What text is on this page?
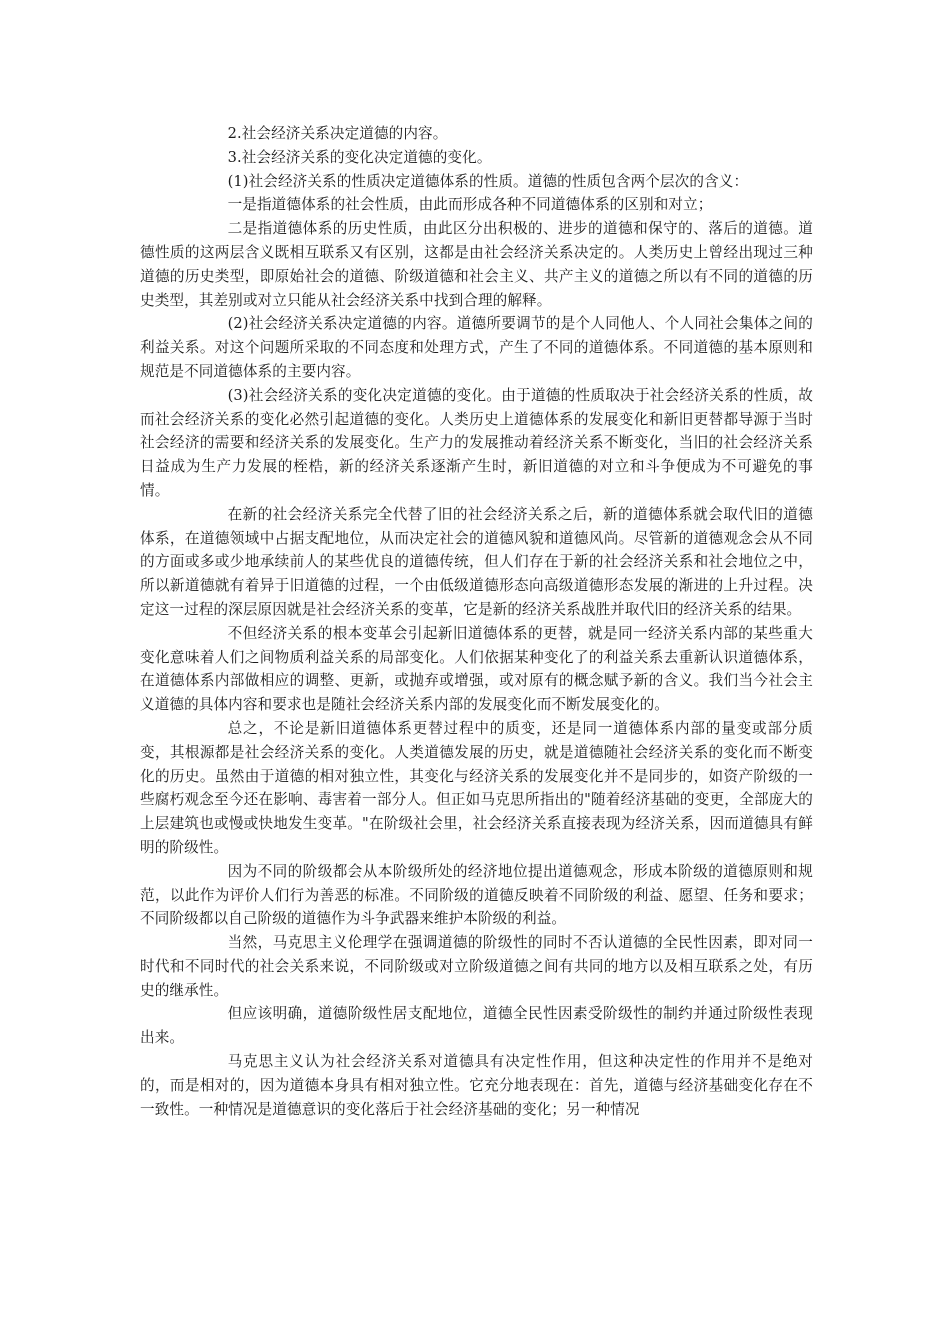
2.社会经济关系决定道德的内容。

3.社会经济关系的变化决定道德的变化。

(1)社会经济关系的性质决定道德体系的性质。道德的性质包含两个层次的含义：

一是指道德体系的社会性质，由此而形成各种不同道德体系的区别和对立；

二是指道德体系的历史性质，由此区分出积极的、进步的道德和保守的、落后的道德。道德性质的这两层含义既相互联系又有区别，这都是由社会经济关系决定的。人类历史上曾经出现过三种道德的历史类型，即原始社会的道德、阶级道德和社会主义、共产主义的道德之所以有不同的道德的历史类型，其差别或对立只能从社会经济关系中找到合理的解释。

(2)社会经济关系决定道德的内容。道德所要调节的是个人同他人、个人同社会集体之间的利益关系。对这个问题所采取的不同态度和处理方式，产生了不同的道德体系。不同道德的基本原则和规范是不同道德体系的主要内容。

(3)社会经济关系的变化决定道德的变化。由于道德的性质取决于社会经济关系的性质，故而社会经济关系的变化必然引起道德的变化。人类历史上道德体系的发展变化和新旧更替都导源于当时社会经济的需要和经济关系的发展变化。生产力的发展推动着经济关系不断变化，当旧的社会经济关系日益成为生产力发展的桎梏，新的经济关系逐渐产生时，新旧道德的对立和斗争便成为不可避免的事情。

在新的社会经济关系完全代替了旧的社会经济关系之后，新的道德体系就会取代旧的道德体系，在道德领域中占据支配地位，从而决定社会的道德风貌和道德风尚。尽管新的道德观念会从不同的方面或多或少地承续前人的某些优良的道德传统，但人们存在于新的社会经济关系和社会地位之中，所以新道德就有着异于旧道德的过程，一个由低级道德形态向高级道德形态发展的渐进的上升过程。决定这一过程的深层原因就是社会经济关系的变革，它是新的经济关系战胜并取代旧的经济关系的结果。

不但经济关系的根本变革会引起新旧道德体系的更替，就是同一经济关系内部的某些重大变化意味着人们之间物质利益关系的局部变化。人们依据某种变化了的利益关系去重新认识道德体系，在道德体系内部做相应的调整、更新，或抛弃或增强，或对原有的概念赋予新的含义。我们当今社会主义道德的具体内容和要求也是随社会经济关系内部的发展变化而不断发展变化的。

总之，不论是新旧道德体系更替过程中的质变，还是同一道德体系内部的量变或部分质变，其根源都是社会经济关系的变化。人类道德发展的历史，就是道德随社会经济关系的变化而不断变化的历史。虽然由于道德的相对独立性，其变化与经济关系的发展变化并不是同步的，如资产阶级的一些腐朽观念至今还在影响、毒害着一部分人。但正如马克思所指出的"随着经济基础的变更，全部庞大的上层建筑也或慢或快地发生变革。"在阶级社会里，社会经济关系直接表现为经济关系，因而道德具有鲜明的阶级性。

因为不同的阶级都会从本阶级所处的经济地位提出道德观念，形成本阶级的道德原则和规范，以此作为评价人们行为善恶的标准。不同阶级的道德反映着不同阶级的利益、愿望、任务和要求；不同阶级都以自己阶级的道德作为斗争武器来维护本阶级的利益。

当然，马克思主义伦理学在强调道德的阶级性的同时不否认道德的全民性因素，即对同一时代和不同时代的社会关系来说，不同阶级或对立阶级道德之间有共同的地方以及相互联系之处，有历史的继承性。

但应该明确，道德阶级性居支配地位，道德全民性因素受阶级性的制约并通过阶级性表现出来。

马克思主义认为社会经济关系对道德具有决定性作用，但这种决定性的作用并不是绝对的，而是相对的，因为道德本身具有相对独立性。它充分地表现在：首先，道德与经济基础变化存在不一致性。一种情况是道德意识的变化落后于社会经济基础的变化；另一种情况
